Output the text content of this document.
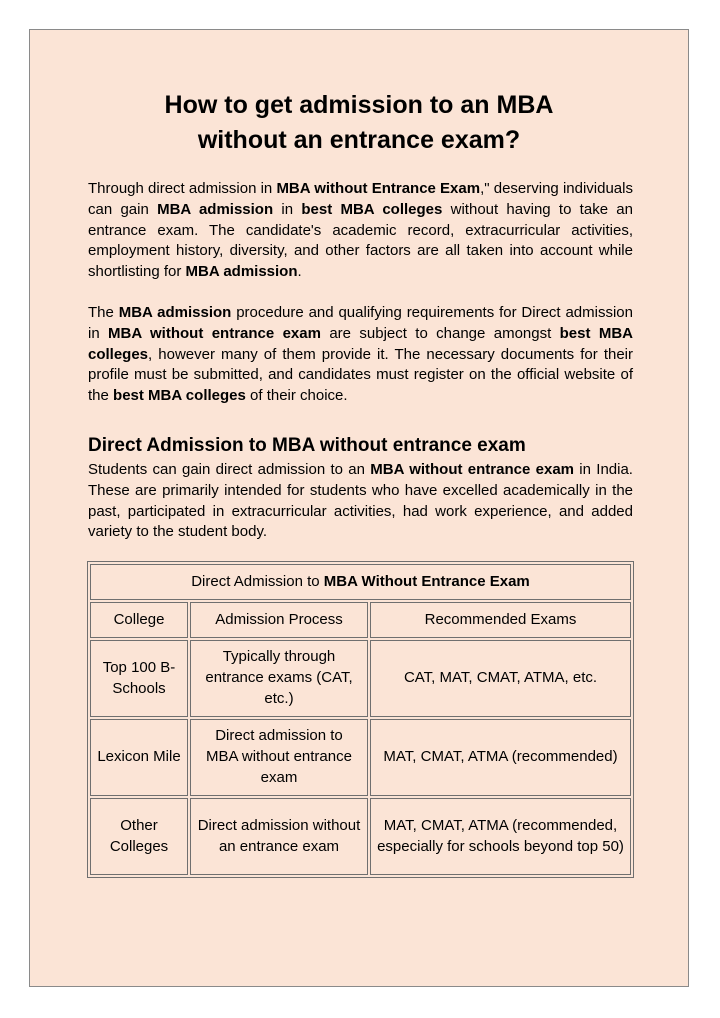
How to get admission to an MBA
without an entrance exam?

Through direct admission in MBA without Entrance Exam," deserving individuals can gain MBA admission in best MBA colleges without having to take an entrance exam. The candidate's academic record, extracurricular activities, employment history, diversity, and other factors are all taken into account while shortlisting for MBA admission.

The MBA admission procedure and qualifying requirements for Direct admission in MBA without entrance exam are subject to change amongst best MBA colleges, however many of them provide it. The necessary documents for their profile must be submitted, and candidates must register on the official website of the best MBA colleges of their choice.

Direct Admission to MBA without entrance exam

Students can gain direct admission to an MBA without entrance exam in India. These are primarily intended for students who have excelled academically in the past, participated in extracurricular activities, had work experience, and added variety to the student body.

Direct Admission to MBA Without Entrance Exam		
College	Admission Process	Recommended Exams
Top 100 B-Schools	Typically through entrance exams (CAT, etc.)	CAT, MAT, CMAT, ATMA, etc.
Lexicon Mile	Direct admission to MBA without entrance exam	MAT, CMAT, ATMA (recommended)
Other Colleges	Direct admission without an entrance exam	MAT, CMAT, ATMA (recommended, especially for schools beyond top 50)
